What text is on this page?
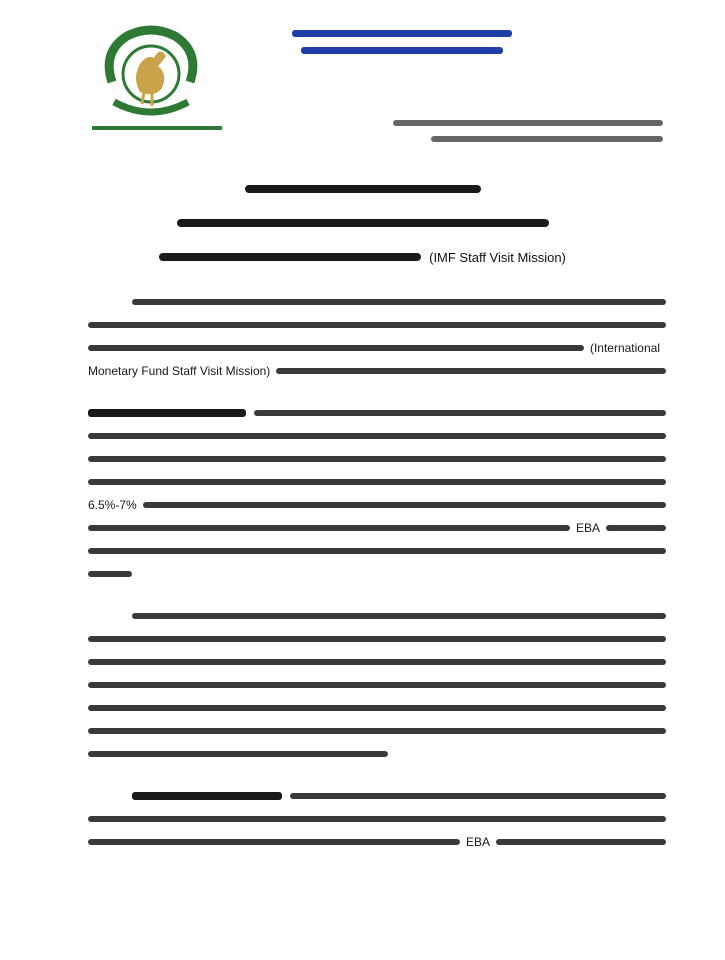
(IMF Staff Visit Mission)
(International
Monetary Fund Staff Visit Mission)
6.5%-7%
EBA
EBA
